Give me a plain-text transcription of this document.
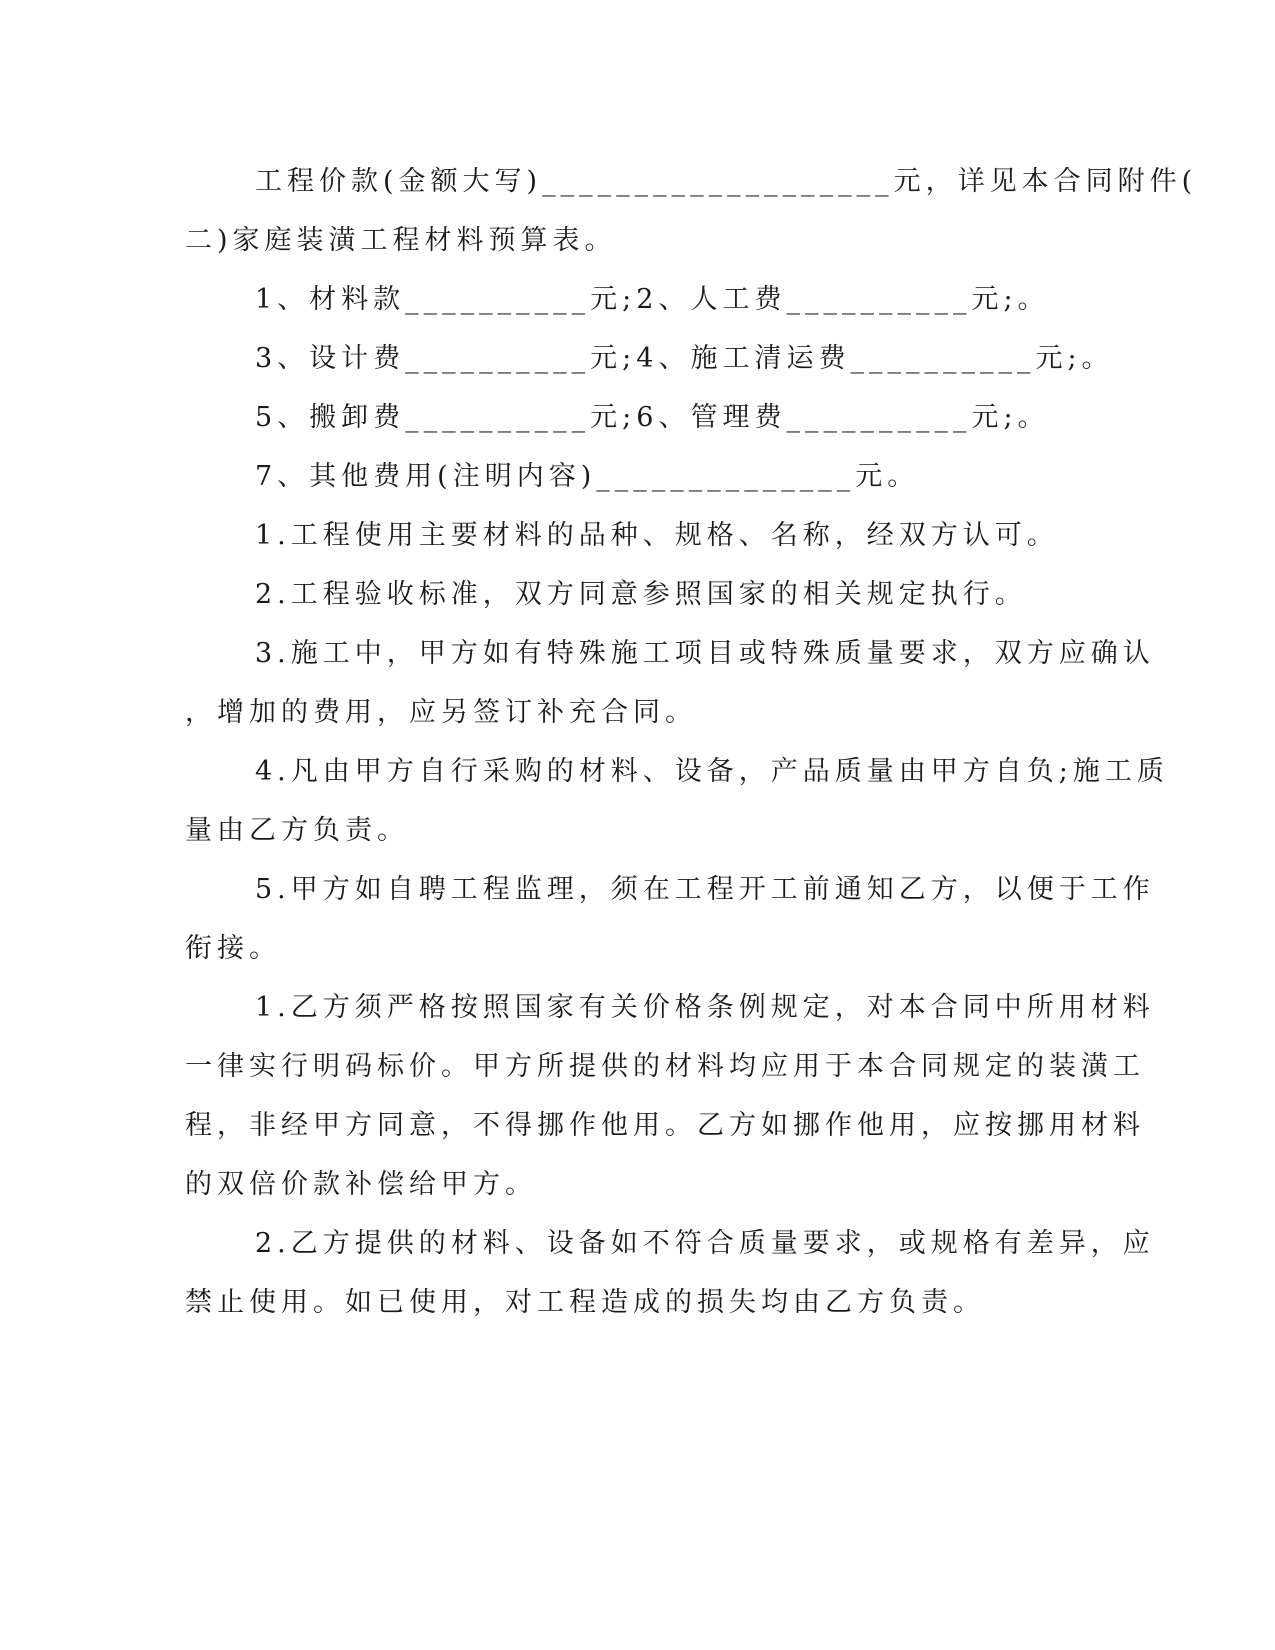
工程价款(金额大写)___________________元，详见本合同附件(
二)家庭装潢工程材料预算表。
1、材料款__________元;2、人工费__________元;。
3、设计费__________元;4、施工清运费__________元;。
5、搬卸费__________元;6、管理费__________元;。
7、其他费用(注明内容)______________元。
1.工程使用主要材料的品种、规格、名称，经双方认可。
2.工程验收标准，双方同意参照国家的相关规定执行。
3.施工中，甲方如有特殊施工项目或特殊质量要求，双方应确认
，增加的费用，应另签订补充合同。
4.凡由甲方自行采购的材料、设备，产品质量由甲方自负;施工质
量由乙方负责。
5.甲方如自聘工程监理，须在工程开工前通知乙方，以便于工作
衔接。
1.乙方须严格按照国家有关价格条例规定，对本合同中所用材料
一律实行明码标价。甲方所提供的材料均应用于本合同规定的装潢工
程，非经甲方同意，不得挪作他用。乙方如挪作他用，应按挪用材料
的双倍价款补偿给甲方。
2.乙方提供的材料、设备如不符合质量要求，或规格有差异，应
禁止使用。如已使用，对工程造成的损失均由乙方负责。
